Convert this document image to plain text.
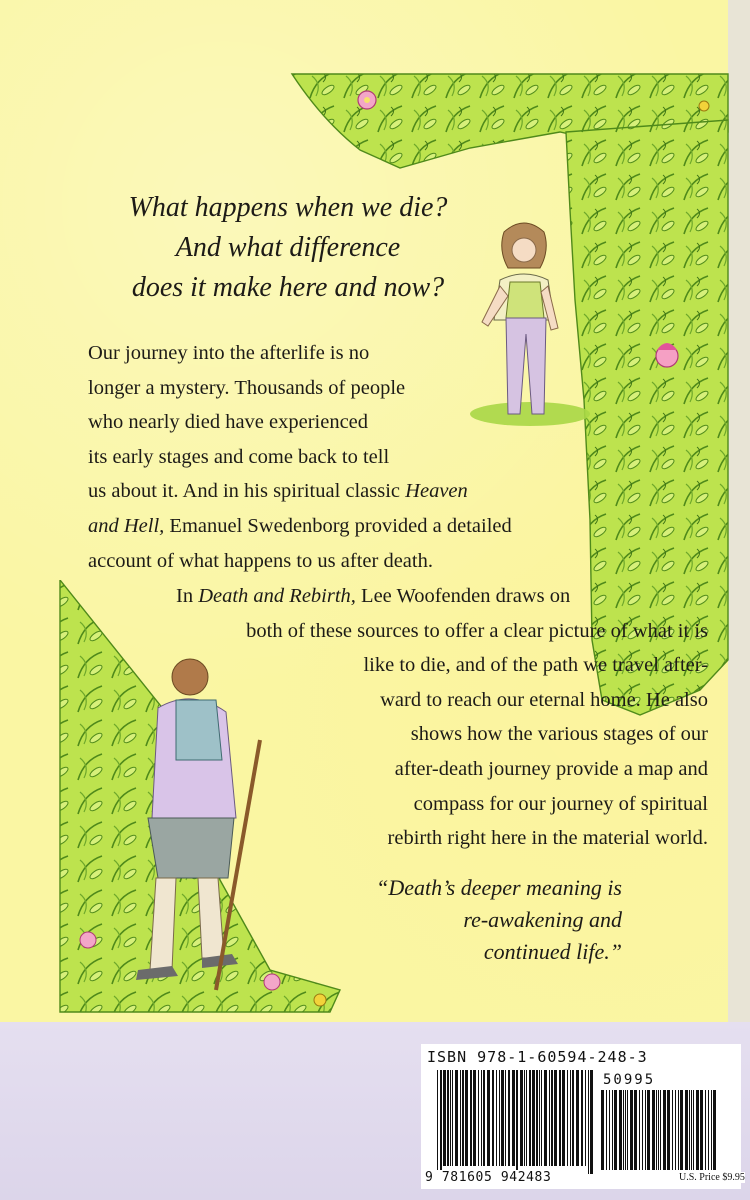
What happens when we die?
And what difference
does it make here and now?

Our journey into the afterlife is no

longer a mystery. Thousands of people

who nearly died have experienced

its early stages and come back to tell

us about it. And in his spiritual classic Heaven

and Hell, Emanuel Swedenborg provided a detailed

account of what happens to us after death.

In Death and Rebirth, Lee Woofenden draws on

both of these sources to offer a clear picture of what it is

like to die, and of the path we travel after-

ward to reach our eternal home. He also

shows how the various stages of our

after-death journey provide a map and

compass for our journey of spiritual

rebirth right here in the material world.

“Death’s deeper meaning is
re-awakening and
continued life.”
ISBN 978-1-60594-248-3
50995
9 781605 942483	U.S. Price $9.95
